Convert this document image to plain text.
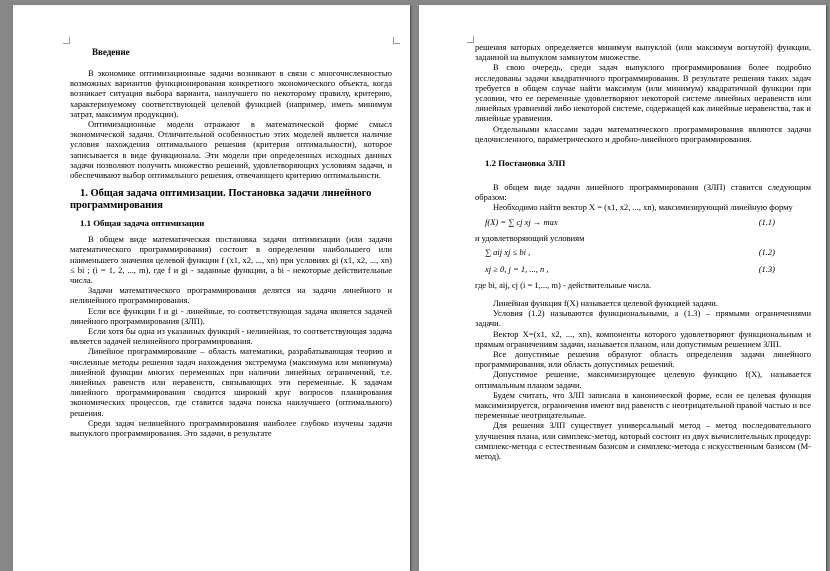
Введение

В экономике оптимизационные задачи возникают в связи с многочисленностью возможных вариантов функционирования конкретного экономического объекта, когда возникает ситуация выбора варианта, наилучшего по некоторому правилу, критерию, характеризуемому соответствующей целевой функцией (например, иметь минимум затрат, максимум продукции).

Оптимизационные модели отражают в математической форме смысл экономической задачи. Отличительной особенностью этих моделей является наличие условия нахождения оптимального решения (критерия оптимальности), которое записывается в виде функционала. Эти модели при определенных исходных данных задачи позволяют получить множество решений, удовлетворяющих условиям задачи, и обеспечивают выбор оптимального решения, отвечающего критерию оптимальности.

1. Общая задача оптимизации. Постановка задачи линейного программирования
1.1 Общая задача оптимизации

В общем виде математическая постановка задачи оптимизации (или задачи математического программирования) состоит в определении наибольшего или наименьшего значения целевой функции f (x1, x2, ..., xn) при условиях gi (x1, x2, ..., xn) ≤ bi ; (i = 1, 2, ..., m), где f и gi - заданные функции, а bi - некоторые действительные числа.

Задачи математического программирования делятся на задачи линейного и нелинейного программирования.

Если все функции f и gi - линейные, то соответствующая задача является задачей линейного программирования (ЗЛП).

Если хотя бы одна из указанных функций - нелинейная, то соответствующая задача является задачей нелинейного программирования.

Линейное программирование – область математики, разрабатывающая теорию и численные методы решения задач нахождения экстремума (максимума или минимума) линейной функции многих переменных при наличии линейных ограничений, т.е. линейных равенств или неравенств, связывающих эти переменные. К задачам линейного программирования сводится широкий круг вопросов планирования экономических процессов, где ставится задача поиска наилучшего (оптимального) решения.

Среди задач нелинейного программирования наиболее глубоко изучены задачи выпуклого программирования. Это задачи, в результате

решения которых определяется минимум выпуклой (или максимум вогнутой) функции, заданной на выпуклом замкнутом множестве.

В свою очередь, среди задач выпуклого программирования более подробно исследованы задачи квадратичного программирования. В результате решения таких задач требуется в общем случае найти максимум (или минимум) квадратичной функции при условии, что ее переменные удовлетворяют некоторой системе линейных неравенств или линейных уравнений либо некоторой системе, содержащей как линейные неравенства, так и линейные уравнения.

Отдельными классами задач математического программирования являются задачи целочисленного, параметрического и дробно-линейного программирования.

1.2 Постановка ЗЛП

В общем виде задачи линейного программирования (ЗЛП) ставится следующим образом:

Необходимо найти вектор X = (x1, x2, ..., xn), максимизирующий линейную форму

f(X) = ∑ cj xj → max	(1.1)

и удовлетворяющий условиям

∑ aij xj ≤ bi ,	(1.2)
xj ≥ 0, j = 1, ..., n ,	(1.3)

где bi, aij, cj (i = 1,..., m) - действительные числа.

Линейная функция f(X) называется целевой функцией задачи.

Условия (1.2) называются функциональными, а (1.3) – прямыми ограничениями задачи.

Вектор X=(x1, x2, ..., xn), компоненты которого удовлетворяют функциональным и прямым ограничениям задачи, называется планом, или допустимым решением ЗЛП.

Все допустимые решения образуют область определения задачи линейного программирования, или область допустимых решений.

Допустимое решение, максимизирующее целевую функцию f(X), называется оптимальным планом задачи.

Будем считать, что ЗЛП записана в канонической форме, если ее целевая функция максимизируется, ограничения имеют вид равенств с неотрицательной правой частью и все переменные неотрицательные.

Для решения ЗЛП существует универсальный метод – метод последовательного улучшения плана, или симплекс-метод, который состоит из двух вычислительных процедур: симплекс-метода с естественным базисом и симплекс-метода с искусственным базисом (М-метод).
